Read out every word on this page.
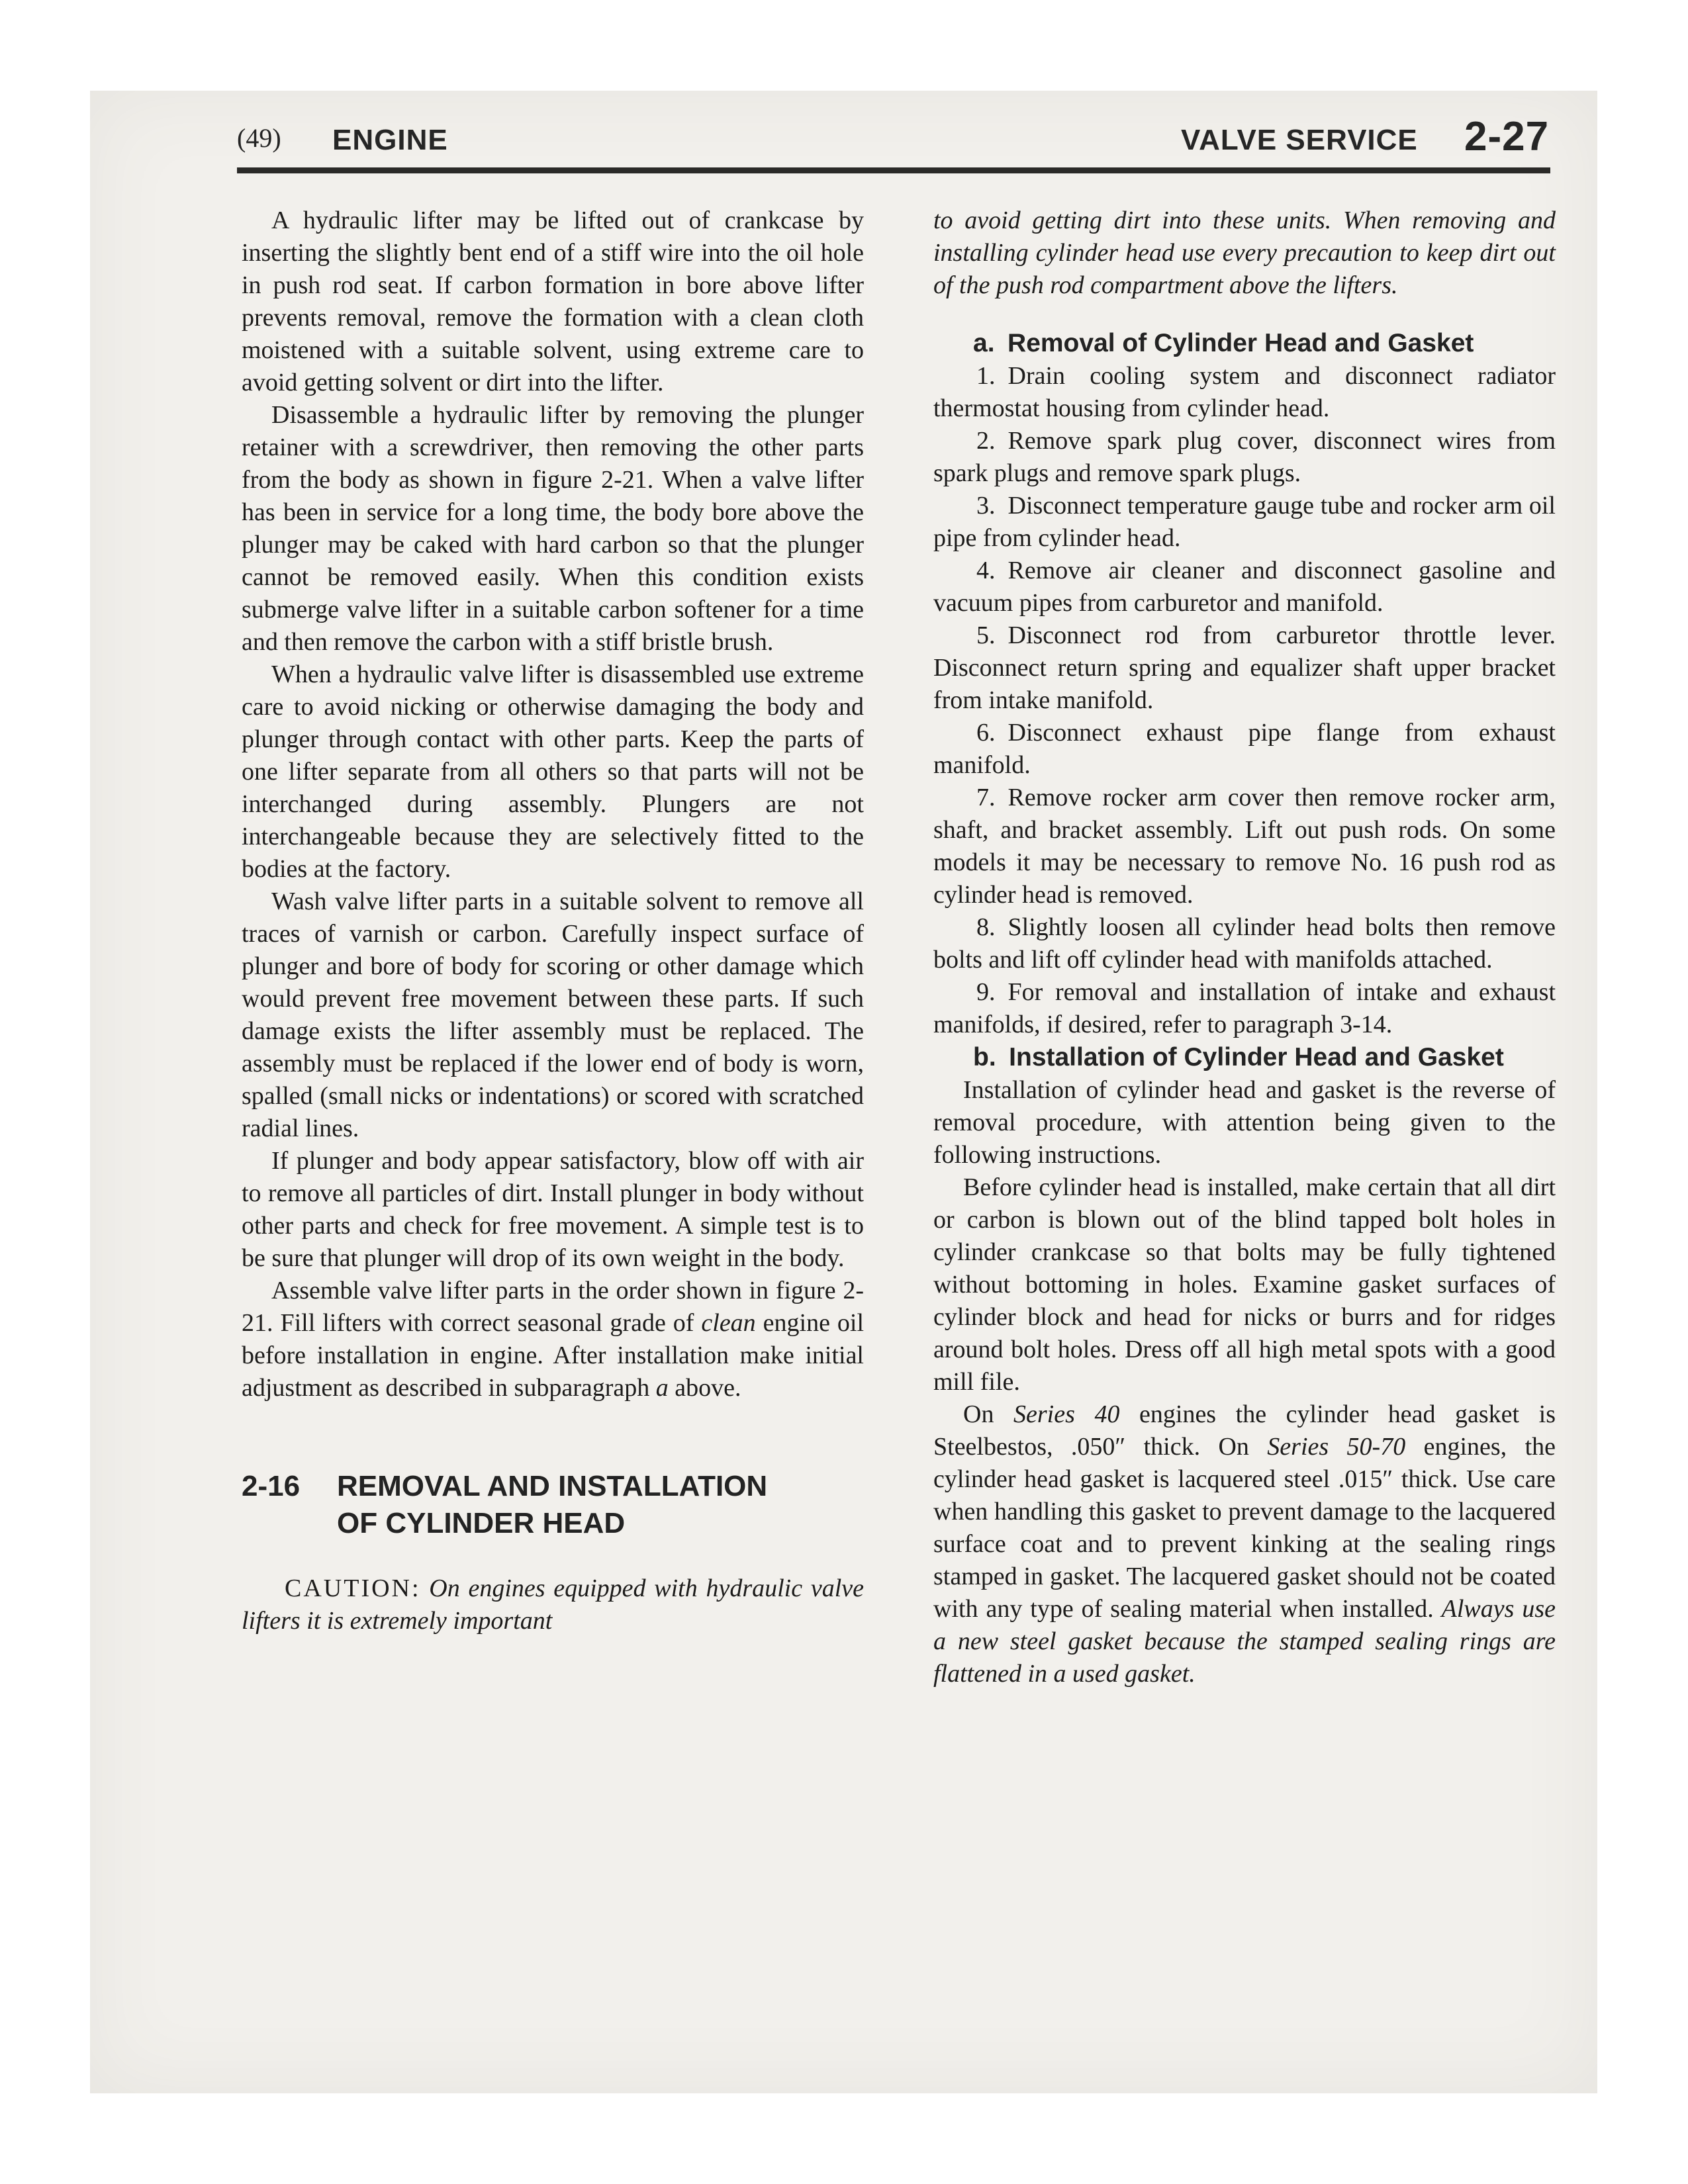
(49) ENGINE	VALVE SERVICE 2-27

A hydraulic lifter may be lifted out of crankcase by inserting the slightly bent end of a stiff wire into the oil hole in push rod seat. If carbon formation in bore above lifter prevents removal, remove the formation with a clean cloth moistened with a suitable solvent, using extreme care to avoid getting solvent or dirt into the lifter.

Disassemble a hydraulic lifter by removing the plunger retainer with a screwdriver, then removing the other parts from the body as shown in figure 2-21. When a valve lifter has been in service for a long time, the body bore above the plunger may be caked with hard carbon so that the plunger cannot be removed easily. When this condition exists submerge valve lifter in a suitable carbon softener for a time and then remove the carbon with a stiff bristle brush.

When a hydraulic valve lifter is disassembled use extreme care to avoid nicking or otherwise damaging the body and plunger through contact with other parts. Keep the parts of one lifter separate from all others so that parts will not be interchanged during assembly. Plungers are not interchangeable because they are selectively fitted to the bodies at the factory.

Wash valve lifter parts in a suitable solvent to remove all traces of varnish or carbon. Carefully inspect surface of plunger and bore of body for scoring or other damage which would prevent free movement between these parts. If such damage exists the lifter assembly must be replaced. The assembly must be replaced if the lower end of body is worn, spalled (small nicks or indentations) or scored with scratched radial lines.

If plunger and body appear satisfactory, blow off with air to remove all particles of dirt. Install plunger in body without other parts and check for free movement. A simple test is to be sure that plunger will drop of its own weight in the body.

Assemble valve lifter parts in the order shown in figure 2-21. Fill lifters with correct seasonal grade of clean engine oil before installation in engine. After installation make initial adjustment as described in subparagraph a above.

2-16	REMOVAL AND INSTALLATION
OF CYLINDER HEAD

CAUTION: On engines equipped with hydraulic valve lifters it is extremely important

to avoid getting dirt into these units. When removing and installing cylinder head use every precaution to keep dirt out of the push rod compartment above the lifters.

a. Removal of Cylinder Head and Gasket

1. Drain cooling system and disconnect radiator thermostat housing from cylinder head.

2. Remove spark plug cover, disconnect wires from spark plugs and remove spark plugs.

3. Disconnect temperature gauge tube and rocker arm oil pipe from cylinder head.

4. Remove air cleaner and disconnect gasoline and vacuum pipes from carburetor and manifold.

5. Disconnect rod from carburetor throttle lever. Disconnect return spring and equalizer shaft upper bracket from intake manifold.

6. Disconnect exhaust pipe flange from exhaust manifold.

7. Remove rocker arm cover then remove rocker arm, shaft, and bracket assembly. Lift out push rods. On some models it may be necessary to remove No. 16 push rod as cylinder head is removed.

8. Slightly loosen all cylinder head bolts then remove bolts and lift off cylinder head with manifolds attached.

9. For removal and installation of intake and exhaust manifolds, if desired, refer to paragraph 3-14.

b. Installation of Cylinder Head and Gasket

Installation of cylinder head and gasket is the reverse of removal procedure, with attention being given to the following instructions.

Before cylinder head is installed, make certain that all dirt or carbon is blown out of the blind tapped bolt holes in cylinder crankcase so that bolts may be fully tightened without bottoming in holes. Examine gasket surfaces of cylinder block and head for nicks or burrs and for ridges around bolt holes. Dress off all high metal spots with a good mill file.

On Series 40 engines the cylinder head gasket is Steelbestos, .050″ thick. On Series 50-70 engines, the cylinder head gasket is lacquered steel .015″ thick. Use care when handling this gasket to prevent damage to the lacquered surface coat and to prevent kinking at the sealing rings stamped in gasket. The lacquered gasket should not be coated with any type of sealing material when installed. Always use a new steel gasket because the stamped sealing rings are flattened in a used gasket.
